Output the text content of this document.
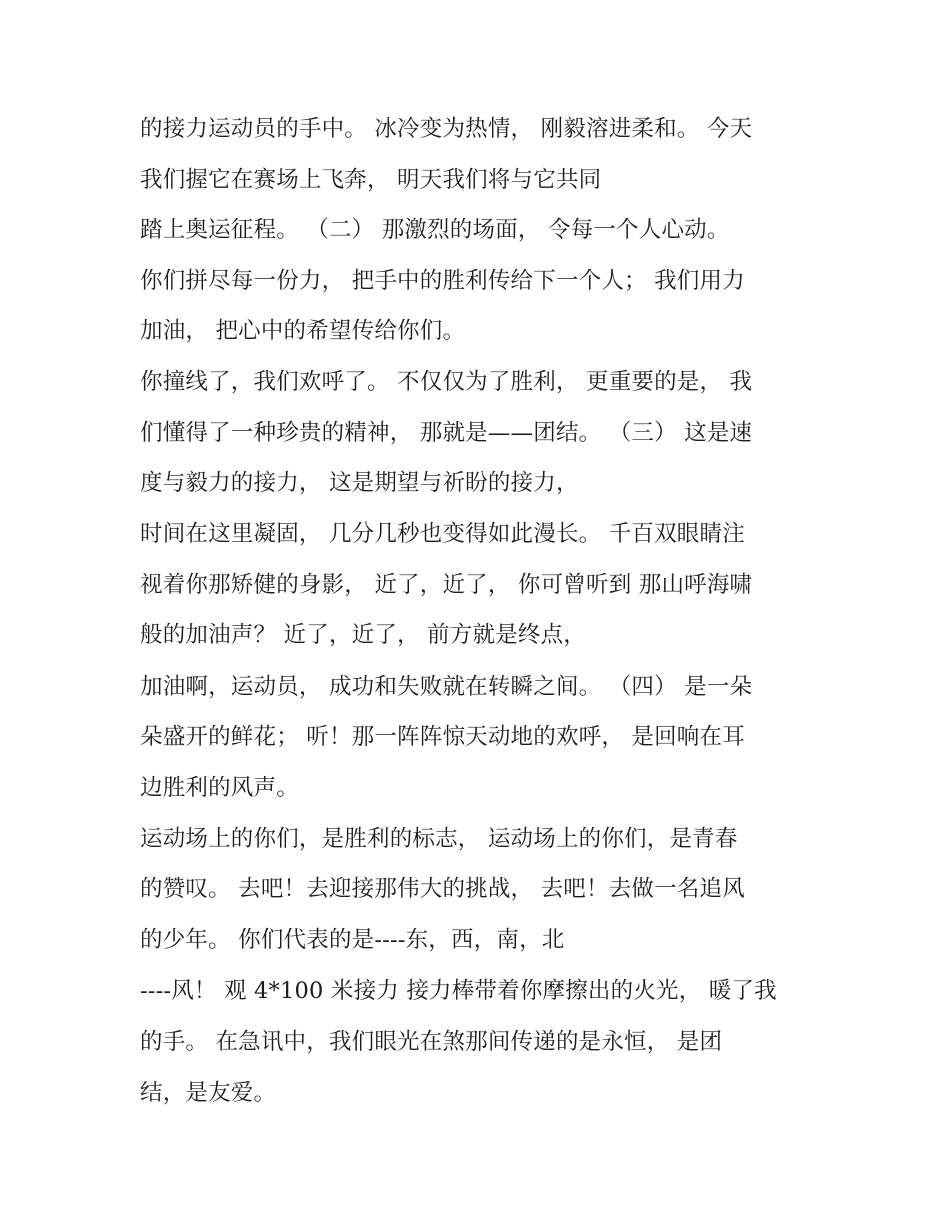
的接力运动员的手中。 冰冷变为热情， 刚毅溶进柔和。 今天
我们握它在赛场上飞奔， 明天我们将与它共同
踏上奥运征程。 （二） 那激烈的场面， 令每一个人心动。
你们拼尽每一份力， 把手中的胜利传给下一个人； 我们用力
加油， 把心中的希望传给你们。
你撞线了，我们欢呼了。 不仅仅为了胜利， 更重要的是， 我
们懂得了一种珍贵的精神， 那就是——团结。 （三） 这是速
度与毅力的接力， 这是期望与祈盼的接力，
时间在这里凝固， 几分几秒也变得如此漫长。 千百双眼睛注
视着你那矫健的身影， 近了，近了， 你可曾听到 那山呼海啸
般的加油声？ 近了，近了， 前方就是终点，
加油啊，运动员， 成功和失败就在转瞬之间。 （四） 是一朵
朵盛开的鲜花； 听！那一阵阵惊天动地的欢呼， 是回响在耳
边胜利的风声。
运动场上的你们，是胜利的标志， 运动场上的你们，是青春
的赞叹。 去吧！去迎接那伟大的挑战， 去吧！去做一名追风
的少年。 你们代表的是----东，西，南，北
----风！ 观 4*100 米接力 接力棒带着你摩擦出的火光， 暖了我
的手。 在急讯中，我们眼光在煞那间传递的是永恒， 是团
结，是友爱。
